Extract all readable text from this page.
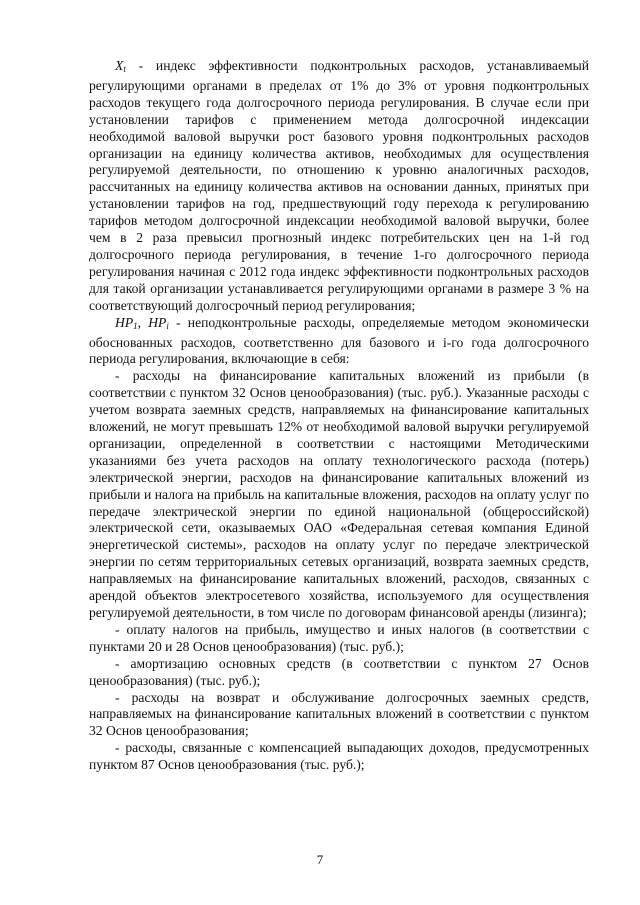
$X_t$ - индекс эффективности подконтрольных расходов, устанавливаемый регулирующими органами в пределах от 1% до 3% от уровня подконтрольных расходов текущего года долгосрочного периода регулирования. В случае если при установлении тарифов с применением метода долгосрочной индексации необходимой валовой выручки рост базового уровня подконтрольных расходов организации на единицу количества активов, необходимых для осуществления регулируемой деятельности, по отношению к уровню аналогичных расходов, рассчитанных на единицу количества активов на основании данных, принятых при установлении тарифов на год, предшествующий году перехода к регулированию тарифов методом долгосрочной индексации необходимой валовой выручки, более чем в 2 раза превысил прогнозный индекс потребительских цен на 1-й год долгосрочного периода регулирования, в течение 1-го долгосрочного периода регулирования начиная с 2012 года индекс эффективности подконтрольных расходов для такой организации устанавливается регулирующими органами в размере 3 % на соответствующий долгосрочный период регулирования;

$HP_1$, $HP_i$ - неподконтрольные расходы, определяемые методом экономически обоснованных расходов, соответственно для базового и i-го года долгосрочного периода регулирования, включающие в себя:

- расходы на финансирование капитальных вложений из прибыли (в соответствии с пунктом 32 Основ ценообразования) (тыс. руб.). Указанные расходы с учетом возврата заемных средств, направляемых на финансирование капитальных вложений, не могут превышать 12% от необходимой валовой выручки регулируемой организации, определенной в соответствии с настоящими Методическими указаниями без учета расходов на оплату технологического расхода (потерь) электрической энергии, расходов на финансирование капитальных вложений из прибыли и налога на прибыль на капитальные вложения, расходов на оплату услуг по передаче электрической энергии по единой национальной (общероссийской) электрической сети, оказываемых ОАО «Федеральная сетевая компания Единой энергетической системы», расходов на оплату услуг по передаче электрической энергии по сетям территориальных сетевых организаций, возврата заемных средств, направляемых на финансирование капитальных вложений, расходов, связанных с арендой объектов электросетевого хозяйства, используемого для осуществления регулируемой деятельности, в том числе по договорам финансовой аренды (лизинга);

- оплату налогов на прибыль, имущество и иных налогов (в соответствии с пунктами 20 и 28 Основ ценообразования) (тыс. руб.);

- амортизацию основных средств (в соответствии с пунктом 27 Основ ценообразования) (тыс. руб.);

- расходы на возврат и обслуживание долгосрочных заемных средств, направляемых на финансирование капитальных вложений в соответствии с пунктом 32 Основ ценообразования;

- расходы, связанные с компенсацией выпадающих доходов, предусмотренных пунктом 87 Основ ценообразования (тыс. руб.);

7
